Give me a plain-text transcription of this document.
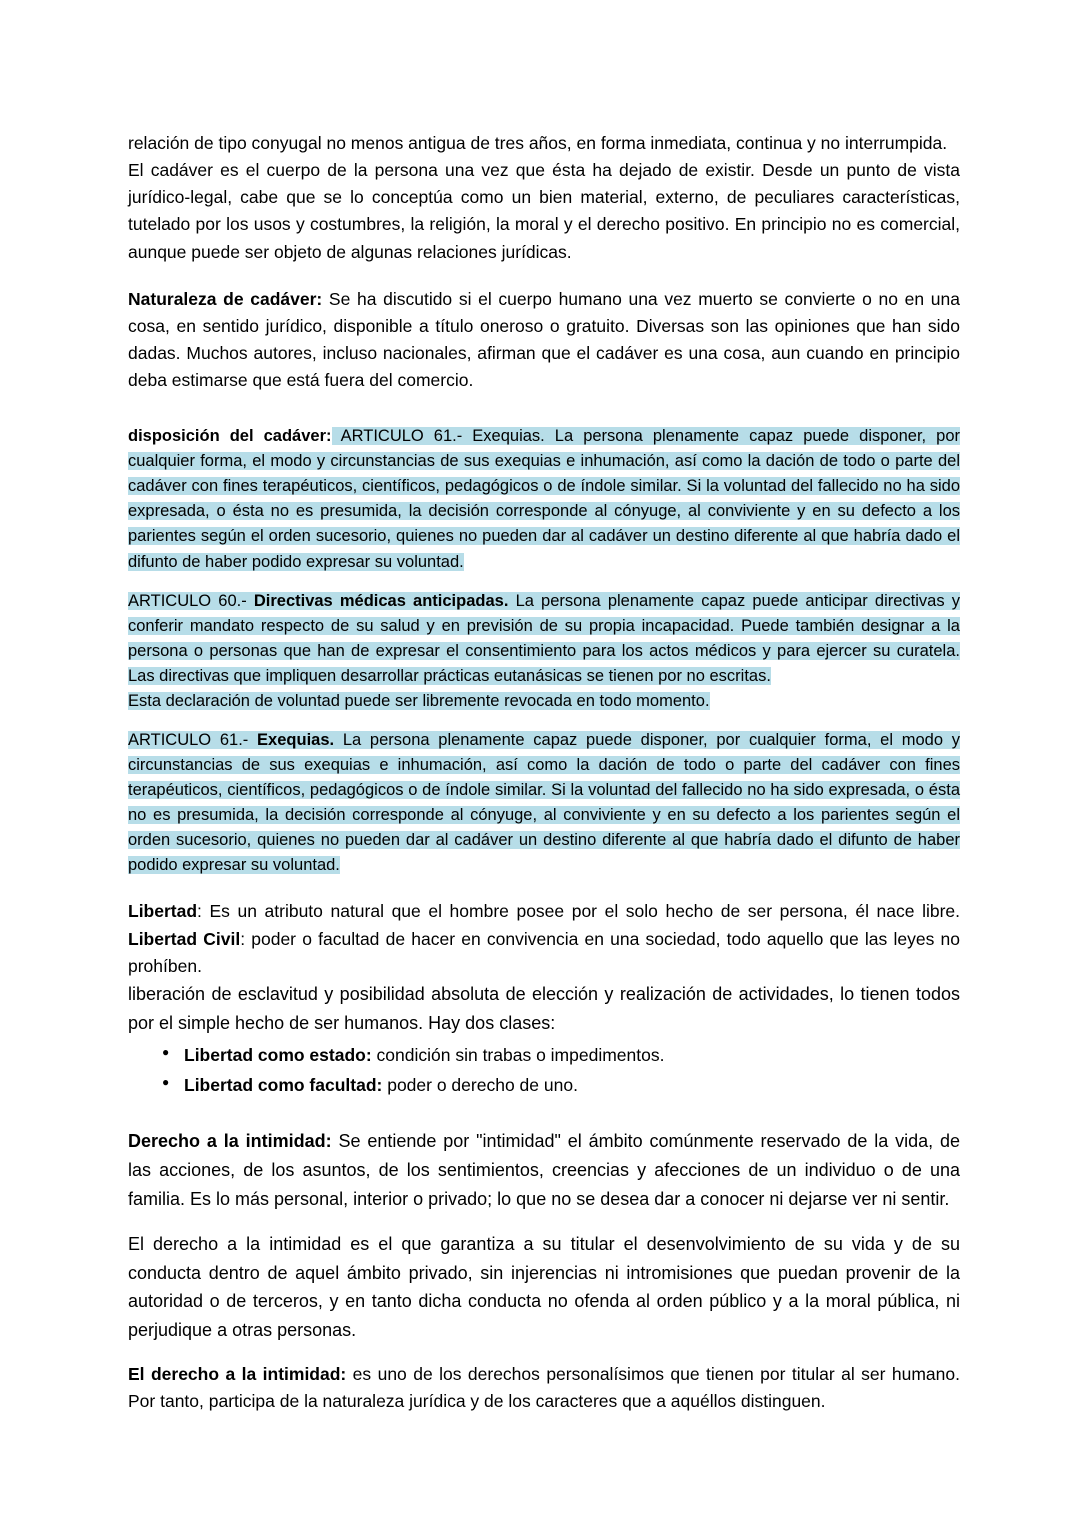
relación de tipo conyugal no menos antigua de tres años, en forma inmediata, continua y no interrumpida.

El cadáver es el cuerpo de la persona una vez que ésta ha dejado de existir. Desde un punto de vista jurídico-legal, cabe que se lo conceptúa como un bien material, externo, de peculiares características, tutelado por los usos y costumbres, la religión, la moral y el derecho positivo. En principio no es comercial, aunque puede ser objeto de algunas relaciones jurídicas.

Naturaleza de cadáver: Se ha discutido si el cuerpo humano una vez muerto se convierte o no en una cosa, en sentido jurídico, disponible a título oneroso o gratuito. Diversas son las opiniones que han sido dadas. Muchos autores, incluso nacionales, afirman que el cadáver es una cosa, aun cuando en principio deba estimarse que está fuera del comercio.

disposición del cadáver: ARTICULO 61.- Exequias. La persona plenamente capaz puede disponer, por cualquier forma, el modo y circunstancias de sus exequias e inhumación, así como la dación de todo o parte del cadáver con fines terapéuticos, científicos, pedagógicos o de índole similar. Si la voluntad del fallecido no ha sido expresada, o ésta no es presumida, la decisión corresponde al cónyuge, al conviviente y en su defecto a los parientes según el orden sucesorio, quienes no pueden dar al cadáver un destino diferente al que habría dado el difunto de haber podido expresar su voluntad.

ARTICULO 60.- Directivas médicas anticipadas. La persona plenamente capaz puede anticipar directivas y conferir mandato respecto de su salud y en previsión de su propia incapacidad. Puede también designar a la persona o personas que han de expresar el consentimiento para los actos médicos y para ejercer su curatela. Las directivas que impliquen desarrollar prácticas eutanásicas se tienen por no escritas.

Esta declaración de voluntad puede ser libremente revocada en todo momento.

ARTICULO 61.- Exequias. La persona plenamente capaz puede disponer, por cualquier forma, el modo y circunstancias de sus exequias e inhumación, así como la dación de todo o parte del cadáver con fines terapéuticos, científicos, pedagógicos o de índole similar. Si la voluntad del fallecido no ha sido expresada, o ésta no es presumida, la decisión corresponde al cónyuge, al conviviente y en su defecto a los parientes según el orden sucesorio, quienes no pueden dar al cadáver un destino diferente al que habría dado el difunto de haber podido expresar su voluntad.

Libertad: Es un atributo natural que el hombre posee por el solo hecho de ser persona, él nace libre. Libertad Civil: poder o facultad de hacer en convivencia en una sociedad, todo aquello que las leyes no prohíben.

liberación de esclavitud y posibilidad absoluta de elección y realización de actividades, lo tienen todos por el simple hecho de ser humanos. Hay dos clases:

● Libertad como estado: condición sin trabas o impedimentos.
● Libertad como facultad: poder o derecho de uno.

Derecho a la intimidad: Se entiende por "intimidad" el ámbito comúnmente reservado de la vida, de las acciones, de los asuntos, de los sentimientos, creencias y afecciones de un individuo o de una familia. Es lo más personal, interior o privado; lo que no se desea dar a conocer ni dejarse ver ni sentir.

El derecho a la intimidad es el que garantiza a su titular el desenvolvimiento de su vida y de su conducta dentro de aquel ámbito privado, sin injerencias ni intromisiones que puedan provenir de la autoridad o de terceros, y en tanto dicha conducta no ofenda al orden público y a la moral pública, ni perjudique a otras personas.

El derecho a la intimidad: es uno de los derechos personalísimos que tienen por titular al ser humano. Por tanto, participa de la naturaleza jurídica y de los caracteres que a aquéllos distinguen.
